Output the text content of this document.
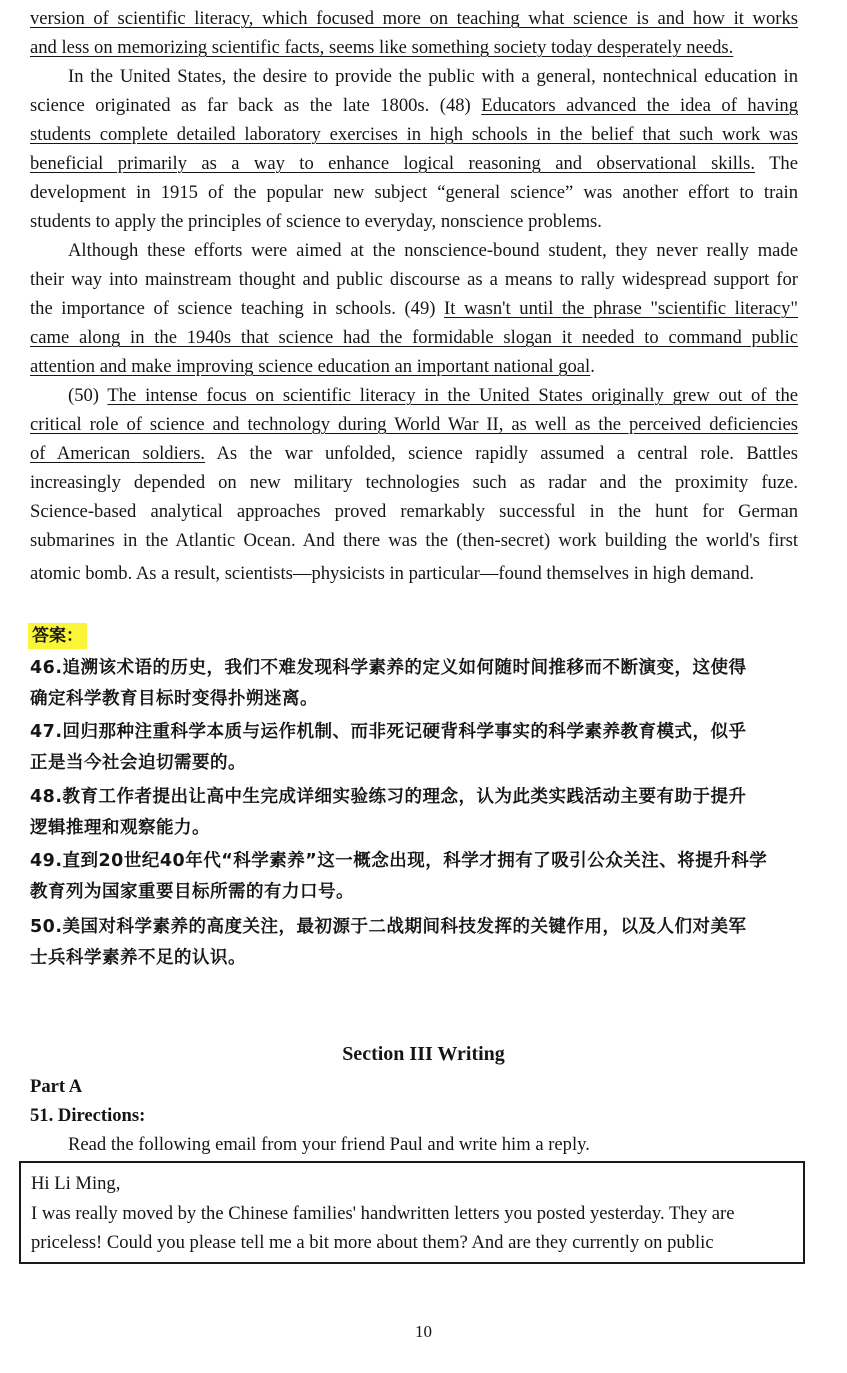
version of scientific literacy, which focused more on teaching what science is and how it works
and less on memorizing scientific facts, seems like something society today desperately needs.
In the United States, the desire to provide the public with a general, nontechnical education in
science originated as far back as the late 1800s. (48) Educators advanced the idea of having
students complete detailed laboratory exercises in high schools in the belief that such work was
beneficial primarily as a way to enhance logical reasoning and observational skills. The
development in 1915 of the popular new subject “general science” was another effort to train
students to apply the principles of science to everyday, nonscience problems.
Although these efforts were aimed at the nonscience-bound student, they never really made
their way into mainstream thought and public discourse as a means to rally widespread support for
the importance of science teaching in schools. (49) It wasn't until the phrase "scientific literacy"
came along in the 1940s that science had the formidable slogan it needed to command public
attention and make improving science education an important national goal.
(50) The intense focus on scientific literacy in the United States originally grew out of the
critical role of science and technology during World War II, as well as the perceived deficiencies
of American soldiers. As the war unfolded, science rapidly assumed a central role. Battles
increasingly depended on new military technologies such as radar and the proximity fuze.
Science-based analytical approaches proved remarkably successful in the hunt for German
submarines in the Atlantic Ocean. And there was the (then-secret) work building the world's first
atomic bomb. As a result, scientists—physicists in particular—found themselves in high demand.
答案：
46.追溯该术语的历史，我们不难发现科学素养的定义如何随时间推移而不断演变，这使得
确定科学教育目标时变得扑朔迷离。
47.回归那种注重科学本质与运作机制、而非死记硬背科学事实的科学素养教育模式，似乎
正是当今社会迫切需要的。
48.教育工作者提出让高中生完成详细实验练习的理念，认为此类实践活动主要有助于提升
逻辑推理和观察能力。
49.直到20世纪40年代“科学素养”这一概念出现，科学才拥有了吸引公众关注、将提升科学
教育列为国家重要目标所需的有力口号。
50.美国对科学素养的高度关注，最初源于二战期间科技发挥的关键作用，以及人们对美军
士兵科学素养不足的认识。
Section III Writing
Part A
51. Directions:
Read the following email from your friend Paul and write him a reply.
Hi Li Ming,
I was really moved by the Chinese families' handwritten letters you posted yesterday. They are
priceless! Could you please tell me a bit more about them? And are they currently on public
10
